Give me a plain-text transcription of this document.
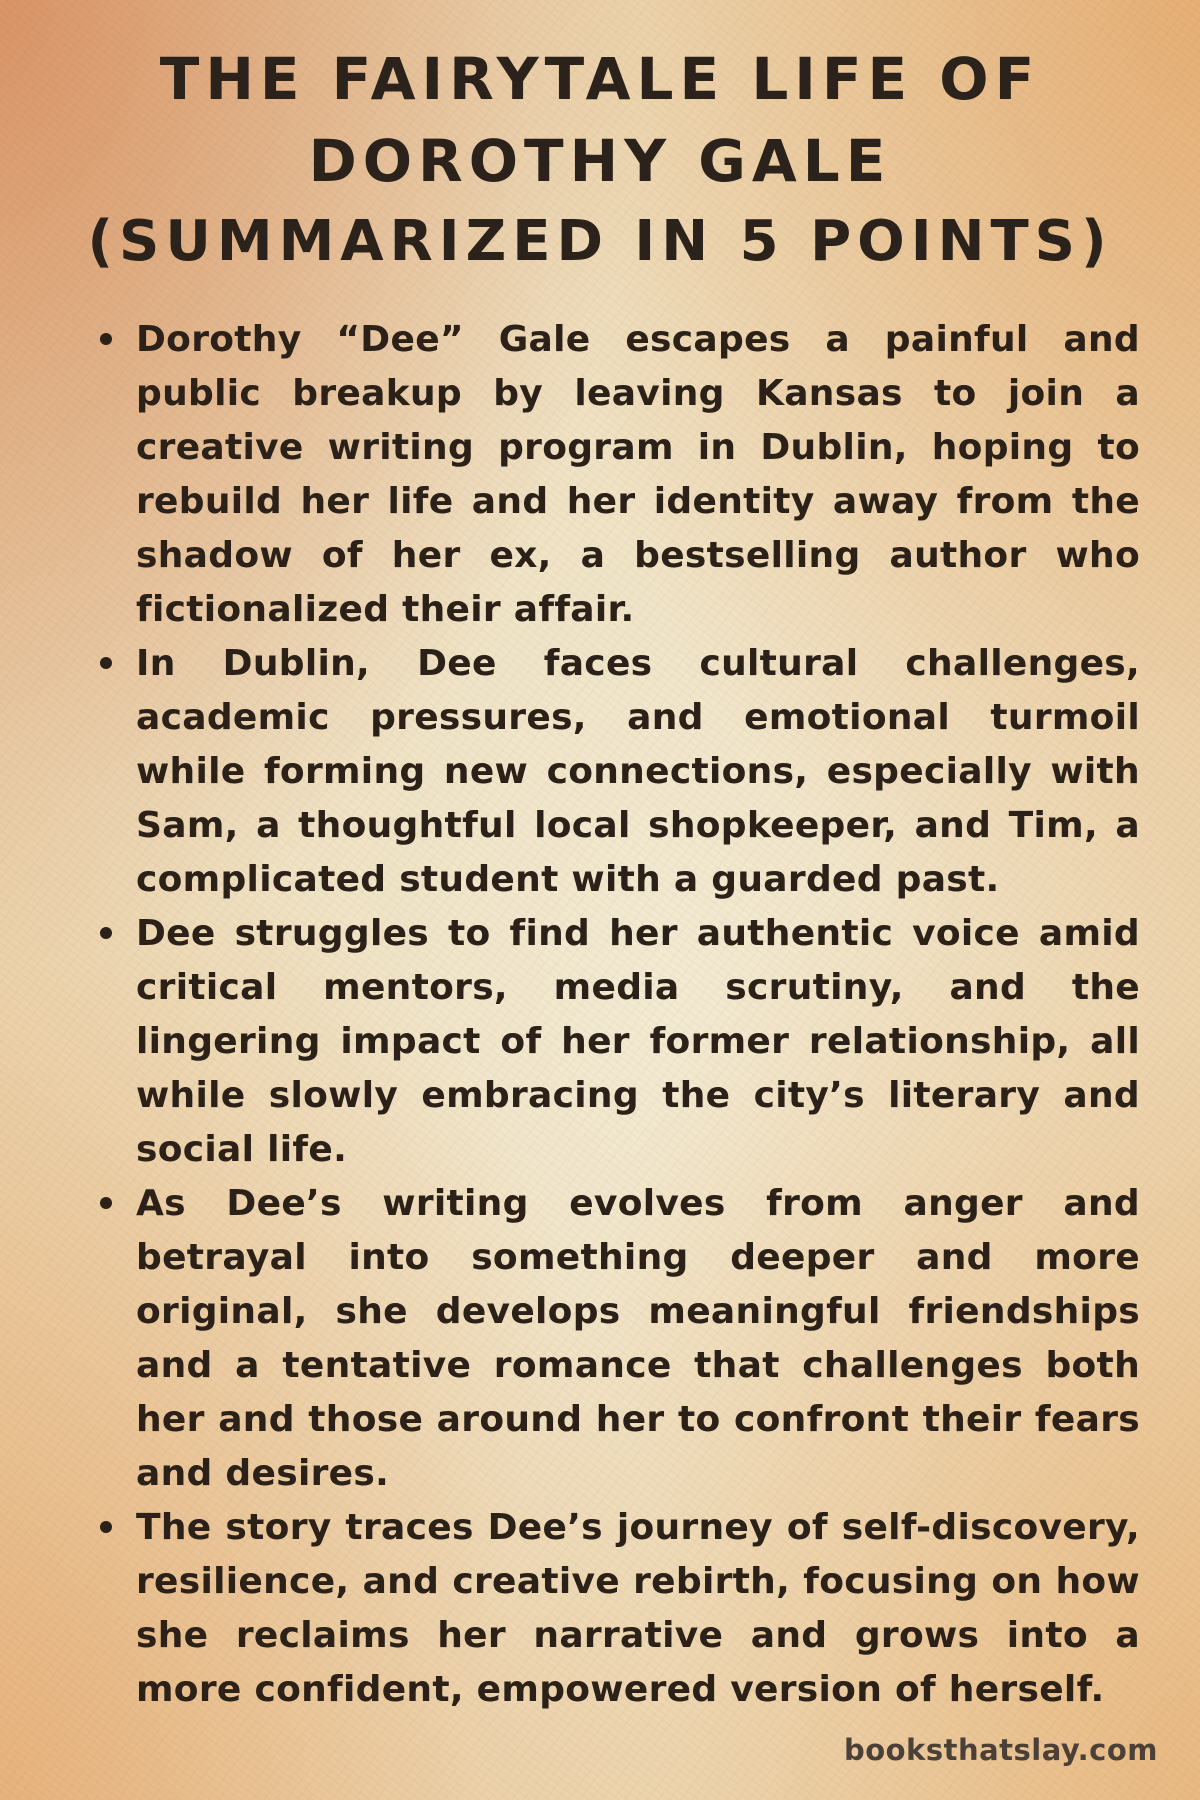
THE FAIRYTALE LIFE OF
DOROTHY GALE
(SUMMARIZED IN 5 POINTS)
Dorothy “Dee” Gale escapes a painful and public breakup by leaving Kansas to join a creative writing program in Dublin, hoping to rebuild her life and her identity away from the shadow of her ex, a bestselling author who fictionalized their affair.
In Dublin, Dee faces cultural challenges, academic pressures, and emotional turmoil while forming new connections, especially with Sam, a thoughtful local shopkeeper, and Tim, a complicated student with a guarded past.
Dee struggles to find her authentic voice amid critical mentors, media scrutiny, and the lingering impact of her former relationship, all while slowly embracing the city’s literary and social life.
As Dee’s writing evolves from anger and betrayal into something deeper and more original, she develops meaningful friendships and a tentative romance that challenges both her and those around her to confront their fears and desires.
The story traces Dee’s journey of self-discovery, resilience, and creative rebirth, focusing on how she reclaims her narrative and grows into a more confident, empowered version of herself.
booksthatslay.com
